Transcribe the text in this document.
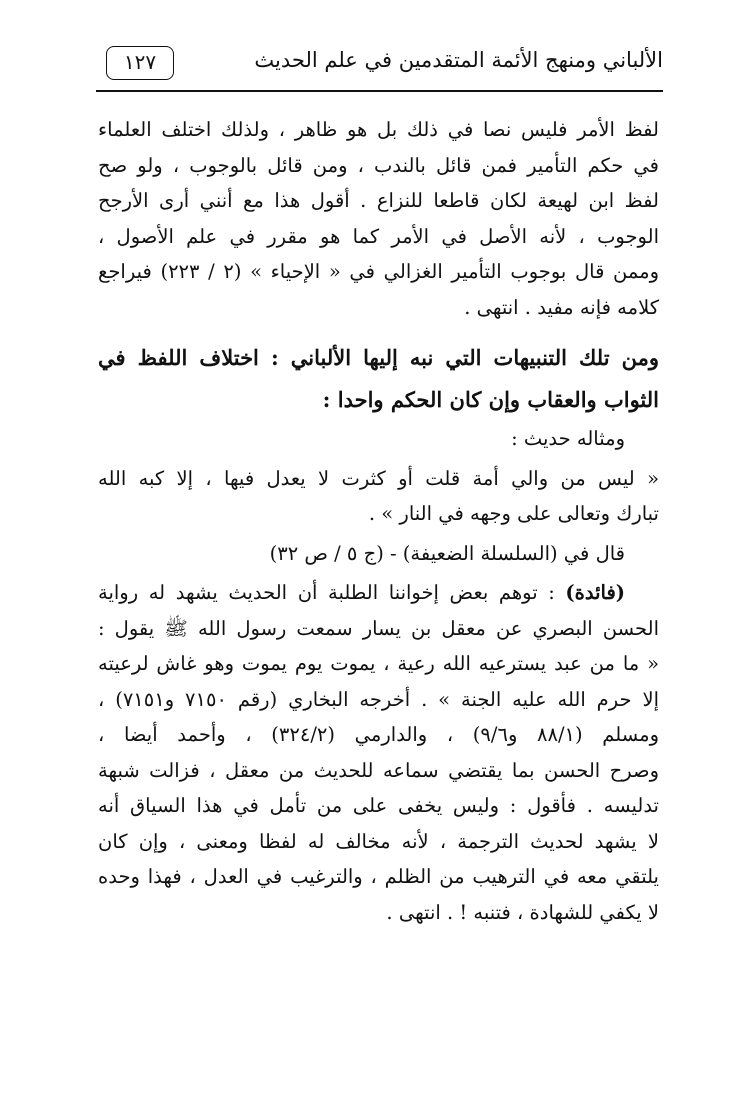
الألباني ومنهج الأئمة المتقدمين في علم الحديث
١٢٧

لفظ الأمر فليس نصا في ذلك بل هو ظاهر ، ولذلك اختلف العلماء
في حكم التأمير فمن قائل بالندب ، ومن قائل بالوجوب ، ولو صح
لفظ ابن لهيعة لكان قاطعا للنزاع . أقول هذا مع أنني أرى الأرجح
الوجوب ، لأنه الأصل في الأمر كما هو مقرر في علم الأصول ،
وممن قال بوجوب التأمير الغزالي في « الإحياء » (٢ / ٢٢٣) فيراجع
كلامه فإنه مفيد . انتهى .

ومن تلك التنبيهات التي نبه إليها الألباني : اختلاف اللفظ في
الثواب والعقاب وإن كان الحكم واحدا :

ومثاله حديث :

« ليس من والي أمة قلت أو كثرت لا يعدل فيها ، إلا كبه الله
تبارك وتعالى على وجهه في النار » .

قال في (السلسلة الضعيفة) - (ج ٥ / ص ٣٢)

(فائدة) : توهم بعض إخواننا الطلبة أن الحديث يشهد له رواية
الحسن البصري عن معقل بن يسار سمعت رسول الله ﷺ يقول :
« ما من عبد يسترعيه الله رعية ، يموت يوم يموت وهو غاش لرعيته
إلا حرم الله عليه الجنة » . أخرجه البخاري (رقم ٧١٥٠ و٧١٥١) ،
ومسلم (٨٨/١ و٩/٦) ، والدارمي (٣٢٤/٢) ، وأحمد أيضا ،
وصرح الحسن بما يقتضي سماعه للحديث من معقل ، فزالت شبهة
تدليسه . فأقول : وليس يخفى على من تأمل في هذا السياق أنه
لا يشهد لحديث الترجمة ، لأنه مخالف له لفظا ومعنى ، وإن كان
يلتقي معه في الترهيب من الظلم ، والترغيب في العدل ، فهذا وحده
لا يكفي للشهادة ، فتنبه ! . انتهى .
